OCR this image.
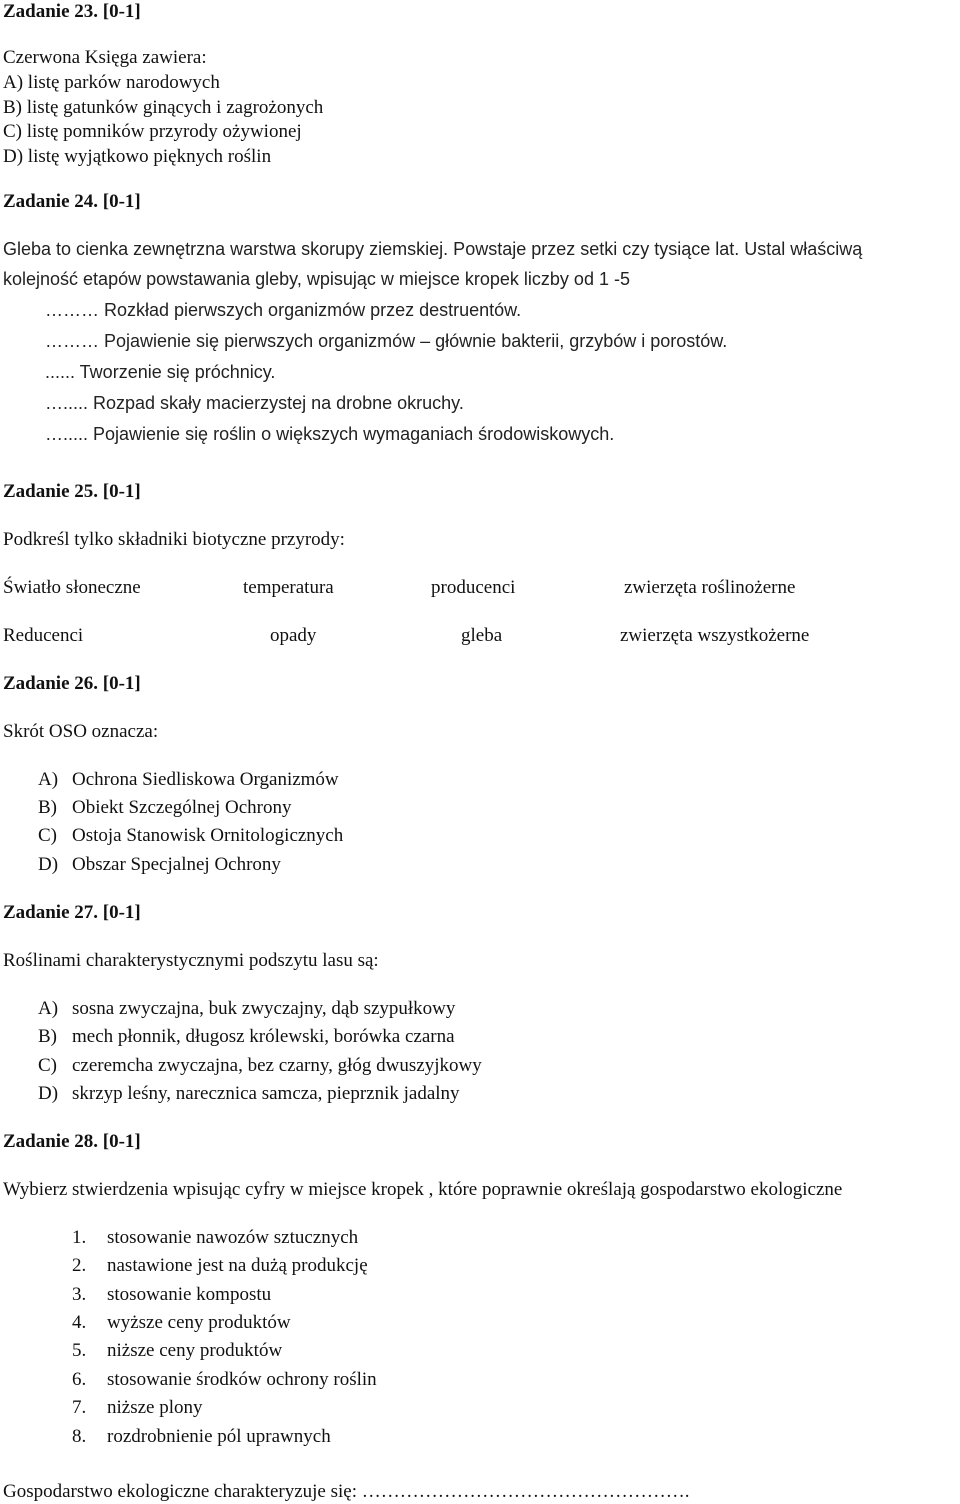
Zadanie 23. [0-1]
Czerwona Księga zawiera:
A) listę parków narodowych
B) listę gatunków ginących i zagrożonych
C) listę pomników przyrody ożywionej
D) listę wyjątkowo pięknych roślin
Zadanie 24. [0-1]
Gleba to cienka zewnętrzna warstwa skorupy ziemskiej. Powstaje przez setki czy tysiące lat. Ustal właściwą
kolejność etapów powstawania gleby, wpisując w miejsce kropek liczby od 1 -5
……… Rozkład pierwszych organizmów przez destruentów.
……… Pojawienie się pierwszych organizmów – głównie bakterii, grzybów i porostów.
...... Tworzenie się próchnicy.
…..... Rozpad skały macierzystej na drobne okruchy.
…..... Pojawienie się roślin o większych wymaganiach środowiskowych.
Zadanie 25. [0-1]
Podkreśl tylko składniki biotyczne przyrody:
Światło słoneczne	temperatura	producenci	zwierzęta roślinożerne
Reducenci	opady	gleba	zwierzęta wszystkożerne
Zadanie 26. [0-1]
Skrót OSO oznacza:
A) Ochrona Siedliskowa Organizmów
B) Obiekt Szczególnej Ochrony
C) Ostoja Stanowisk Ornitologicznych
D) Obszar Specjalnej Ochrony
Zadanie 27. [0-1]
Roślinami charakterystycznymi podszytu lasu są:
A) sosna zwyczajna, buk zwyczajny, dąb szypułkowy
B) mech płonnik, długosz królewski, borówka czarna
C) czeremcha zwyczajna, bez czarny, głóg dwuszyjkowy
D) skrzyp leśny, narecznica samcza, pieprznik jadalny
Zadanie 28. [0-1]
Wybierz stwierdzenia wpisując cyfry w miejsce kropek , które poprawnie określają gospodarstwo ekologiczne
1. stosowanie nawozów sztucznych
2. nastawione jest na dużą produkcję
3. stosowanie kompostu
4. wyższe ceny produktów
5. niższe ceny produktów
6. stosowanie środków ochrony roślin
7. niższe plony
8. rozdrobnienie pól uprawnych
Gospodarstwo ekologiczne charakteryzuje się: …………………………………………….
